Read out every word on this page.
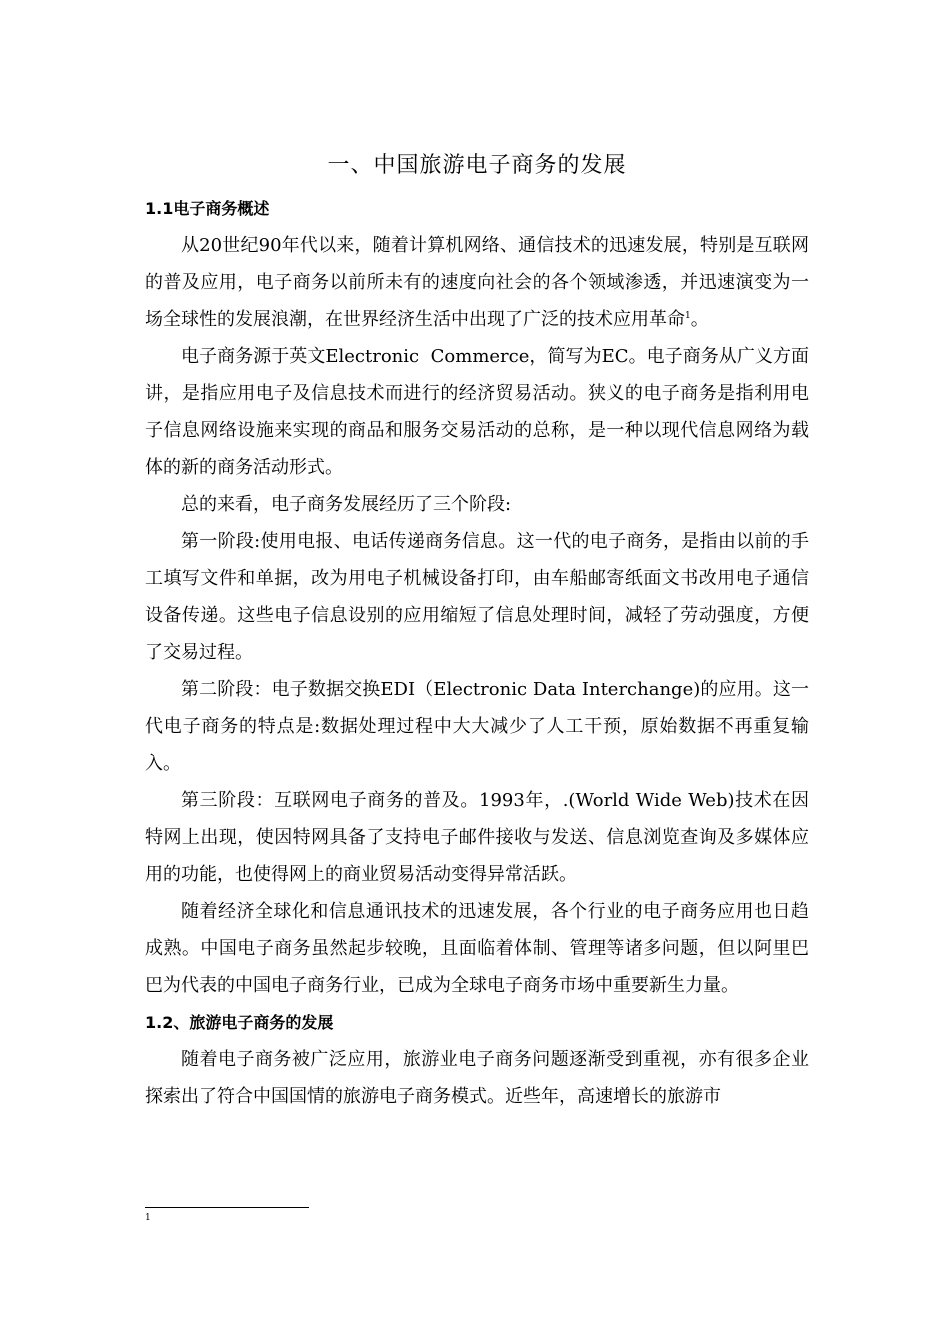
一、中国旅游电子商务的发展
1.1电子商务概述

从20世纪90年代以来，随着计算机网络、通信技术的迅速发展，特别是互联网的普及应用，电子商务以前所未有的速度向社会的各个领域渗透，并迅速演变为一场全球性的发展浪潮，在世界经济生活中出现了广泛的技术应用革命$^1$。

电子商务源于英文Electronic  Commerce，简写为EC。电子商务从广义方面讲，是指应用电子及信息技术而进行的经济贸易活动。狭义的电子商务是指利用电子信息网络设施来实现的商品和服务交易活动的总称，是一种以现代信息网络为载体的新的商务活动形式。

总的来看，电子商务发展经历了三个阶段:

第一阶段:使用电报、电话传递商务信息。这一代的电子商务，是指由以前的手工填写文件和单据，改为用电子机械设备打印，由车船邮寄纸面文书改用电子通信设备传递。这些电子信息设别的应用缩短了信息处理时间，减轻了劳动强度，方便了交易过程。

第二阶段：电子数据交换EDI（Electronic Data Interchange)的应用。这一代电子商务的特点是:数据处理过程中大大减少了人工干预，原始数据不再重复输入。

第三阶段：互联网电子商务的普及。1993年，.(World Wide Web)技术在因特网上出现，使因特网具备了支持电子邮件接收与发送、信息浏览查询及多媒体应用的功能，也使得网上的商业贸易活动变得异常活跃。

随着经济全球化和信息通讯技术的迅速发展，各个行业的电子商务应用也日趋成熟。中国电子商务虽然起步较晚，且面临着体制、管理等诸多问题，但以阿里巴巴为代表的中国电子商务行业，已成为全球电子商务市场中重要新生力量。

1.2、旅游电子商务的发展

随着电子商务被广泛应用，旅游业电子商务问题逐渐受到重视，亦有很多企业探索出了符合中国国情的旅游电子商务模式。近些年，高速增长的旅游市

1
